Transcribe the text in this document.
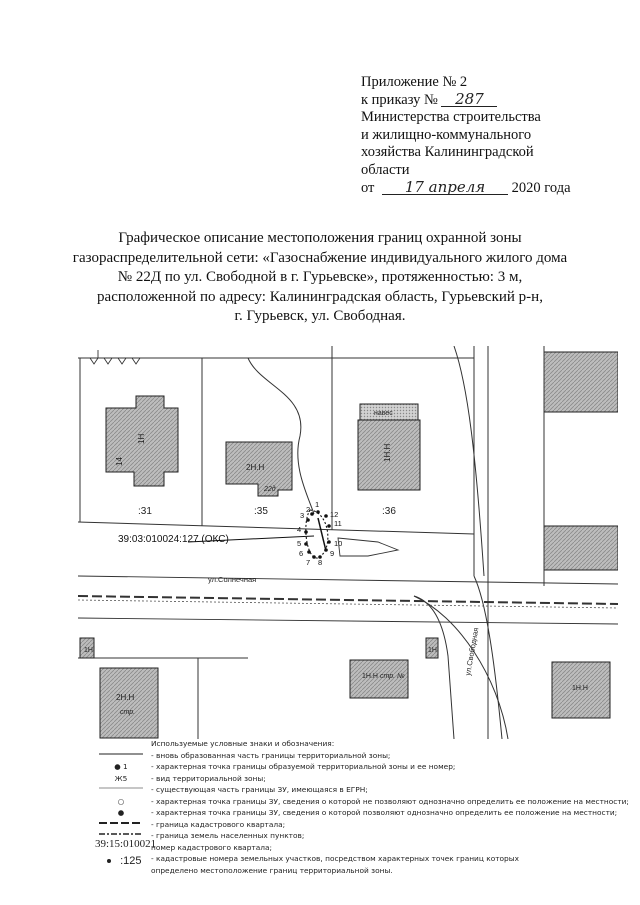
Приложение № 2
к приказу № 287
Министерства строительства
и жилищно-коммунального
хозяйства Калининградской
области
от 17 апреля 2020 года
Графическое описание местоположения границ охранной зоны
газораспределительной сети: «Газоснабжение индивидуального жилого дома
№ 22Д по ул. Свободной в г. Гурьевске», протяженностью: 3 м,
расположенной по адресу: Калининградская область, Гурьевский р-н,
г. Гурьевск, ул. Свободная.
1Н
14
2Н.Н
22д
навес
1Н.Н
:31	:35	:36
ул.Свободная
ул.Солнечная
39:03:010024:127 (ОКС)
1
2
3
4
5
6
7 8
9
10
11
12
1Н
2Н.Н
стр.
1Н.Н стр. №
1Н
1Н.Н
Используемые условные знаки и обозначения:
- вновь образованная часть границы территориальной зоны;
● 1	- характерная точка границы образуемой территориальной зоны и ее номер;
Ж5	- вид территориальной зоны;
- существующая часть границы ЗУ, имеющаяся в ЕГРН;
○	- характерная точка границы ЗУ, сведения о которой не позволяют однозначно определить ее положение на местности;
●	- характерная точка границы ЗУ, сведения о которой позволяют однозначно определить ее положение на местности;
- граница кадастрового квартала;
- граница земель населенных пунктов;
номер кадастрового квартала;
- кадастровые номера земельных участков, посредством характерных точек границ которых
определено местоположение границ территориальной зоны.
39:15:010021
:125
